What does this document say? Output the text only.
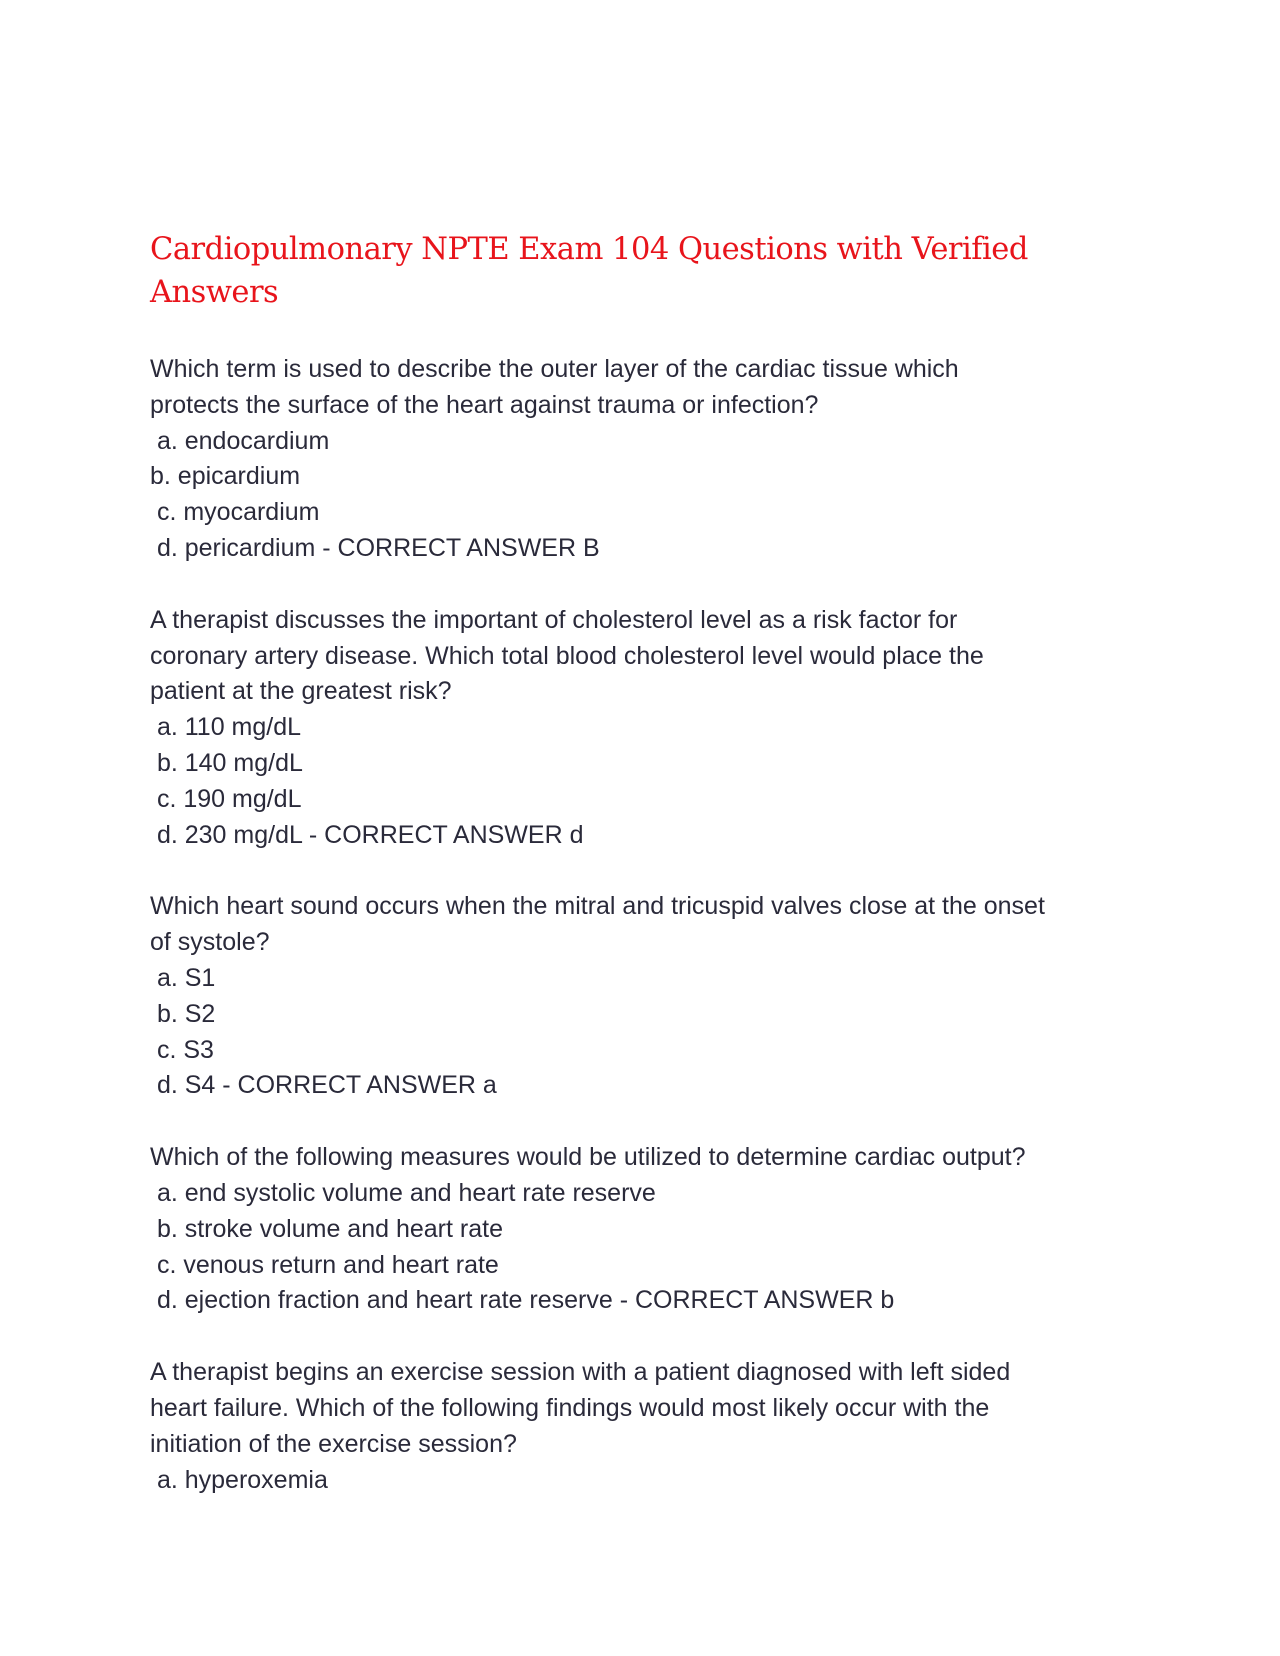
Cardiopulmonary NPTE Exam 104 Questions with Verified
Answers

Which term is used to describe the outer layer of the cardiac tissue which

protects the surface of the heart against trauma or infection?

a. endocardium

b. epicardium

c. myocardium

d. pericardium - CORRECT ANSWER B

A therapist discusses the important of cholesterol level as a risk factor for

coronary artery disease. Which total blood cholesterol level would place the

patient at the greatest risk?

a. 110 mg/dL

b. 140 mg/dL

c. 190 mg/dL

d. 230 mg/dL - CORRECT ANSWER d

Which heart sound occurs when the mitral and tricuspid valves close at the onset

of systole?

a. S1

b. S2

c. S3

d. S4 - CORRECT ANSWER a

Which of the following measures would be utilized to determine cardiac output?

a. end systolic volume and heart rate reserve

b. stroke volume and heart rate

c. venous return and heart rate

d. ejection fraction and heart rate reserve - CORRECT ANSWER b

A therapist begins an exercise session with a patient diagnosed with left sided

heart failure. Which of the following findings would most likely occur with the

initiation of the exercise session?

a. hyperoxemia
